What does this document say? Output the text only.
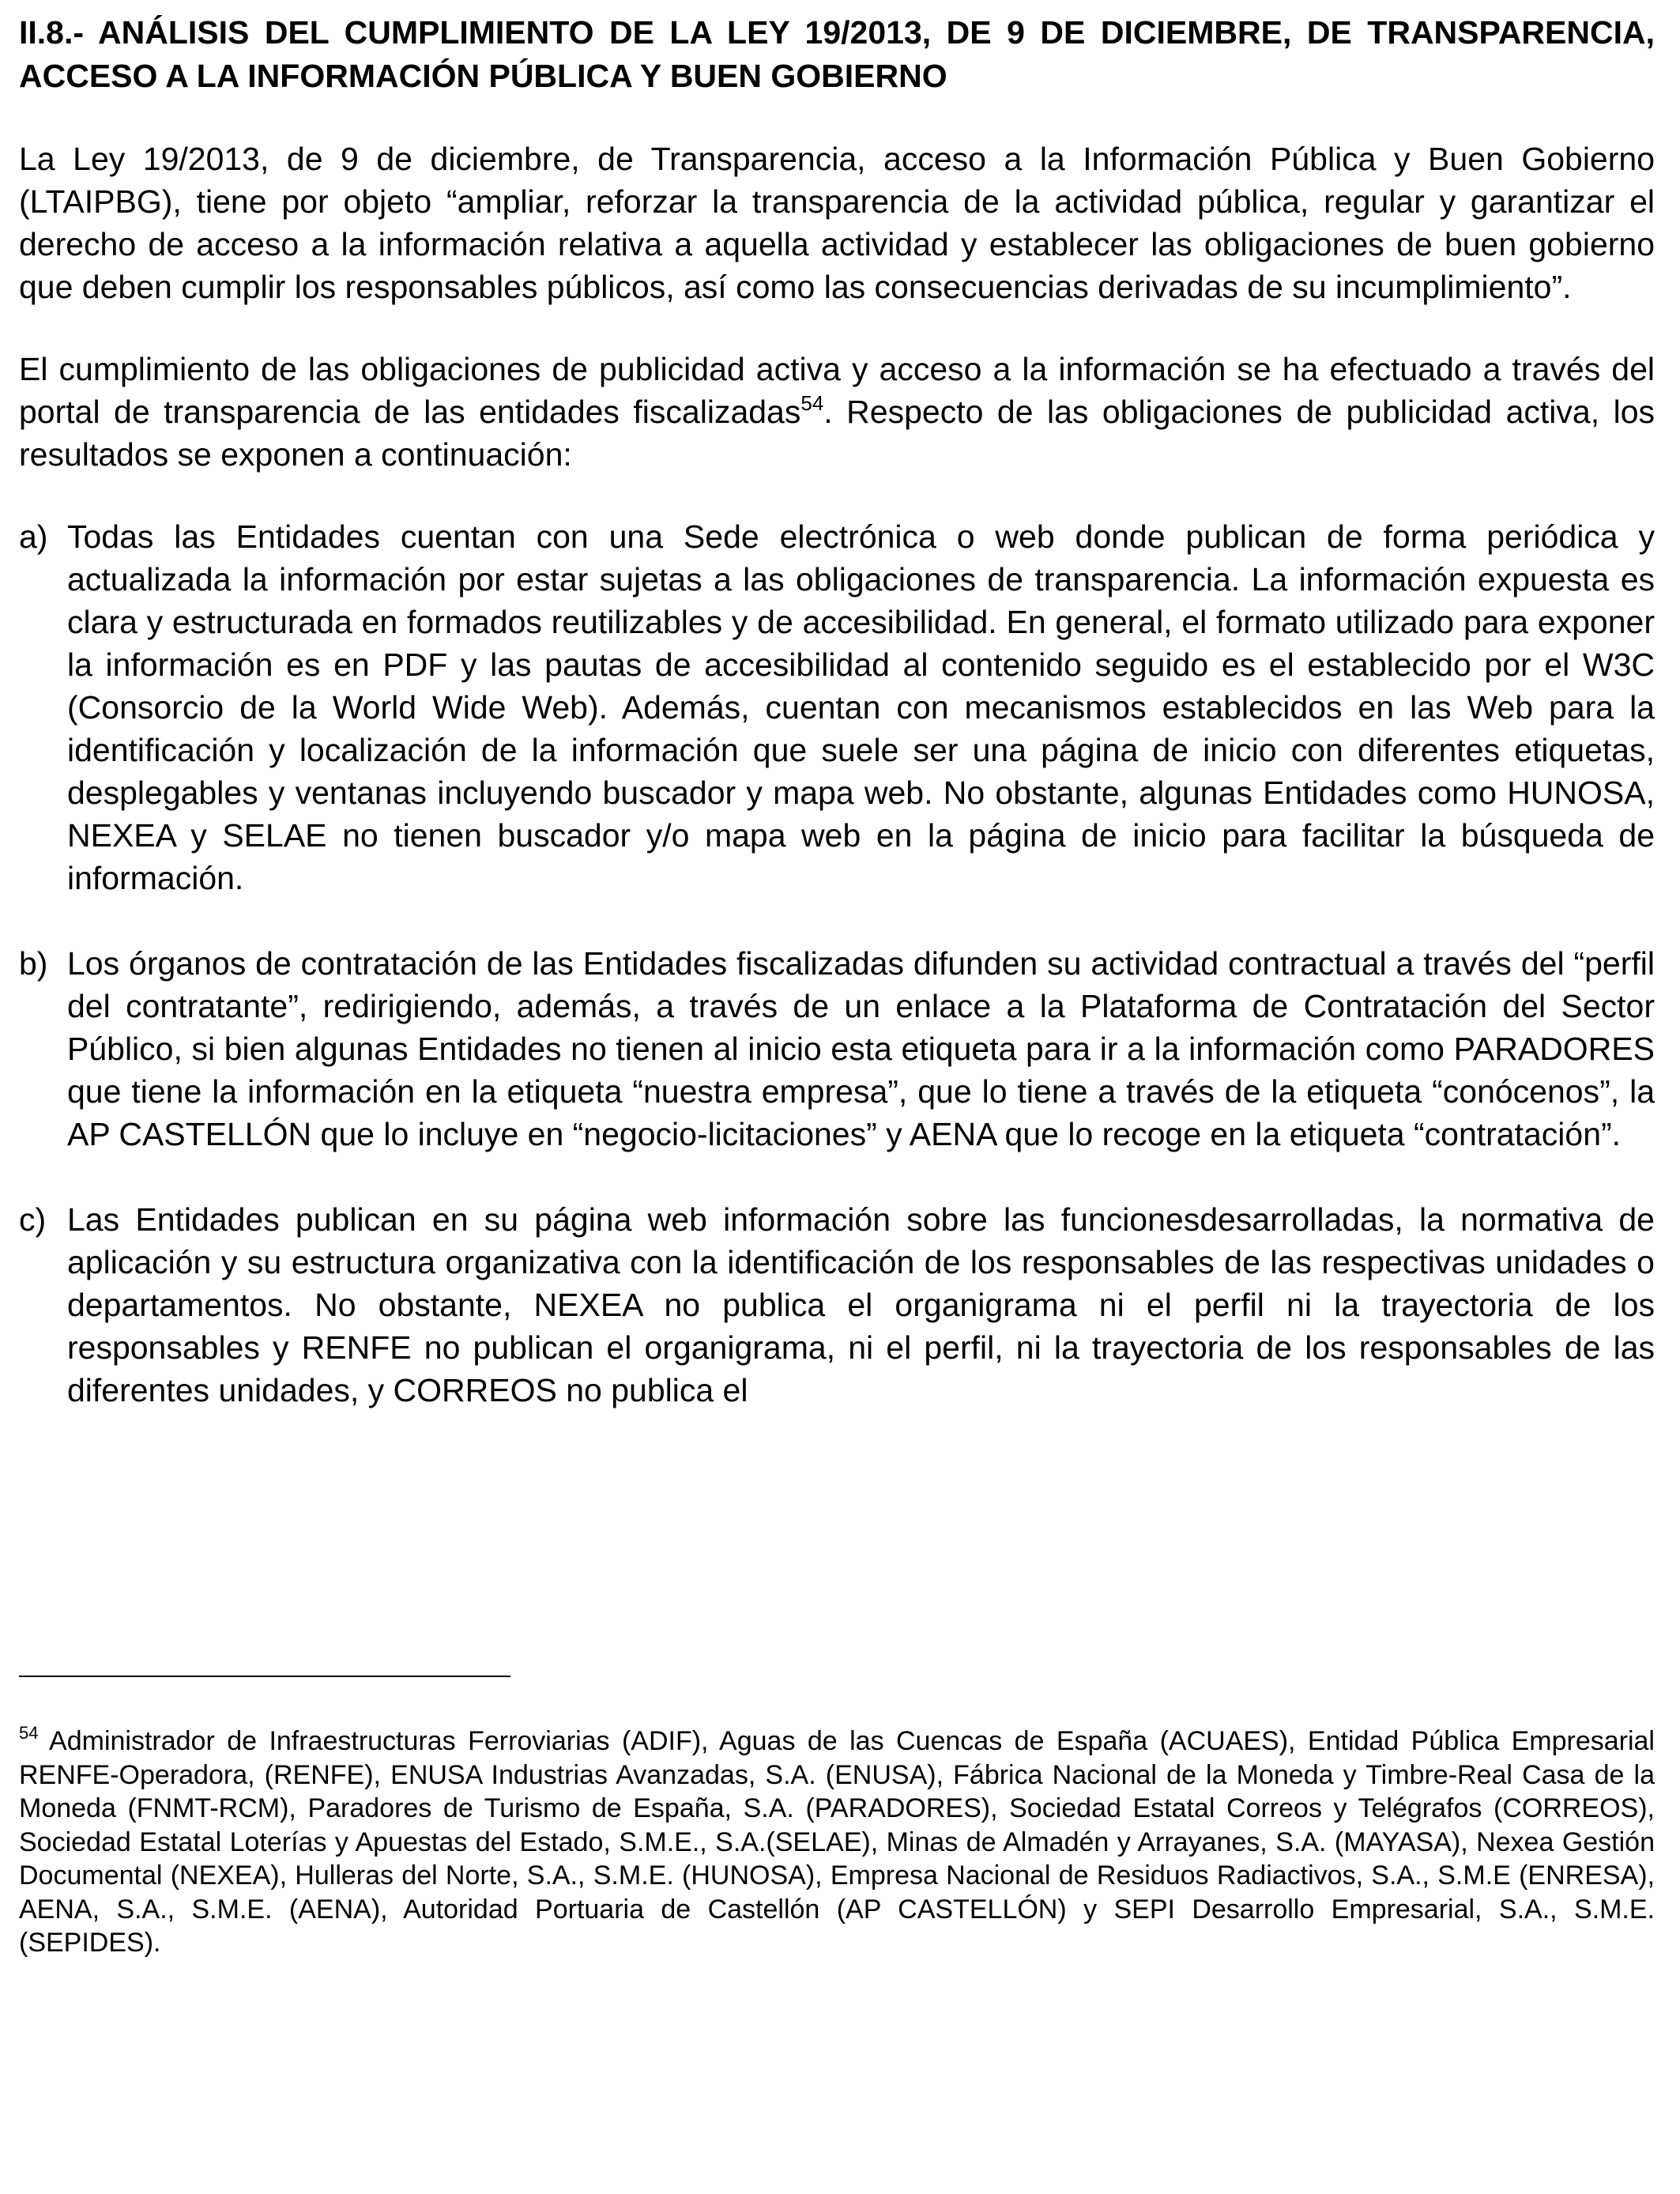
II.8.- ANÁLISIS DEL CUMPLIMIENTO DE LA LEY 19/2013, DE 9 DE DICIEMBRE, DE TRANSPARENCIA, ACCESO A LA INFORMACIÓN PÚBLICA Y BUEN GOBIERNO

La Ley 19/2013, de 9 de diciembre, de Transparencia, acceso a la Información Pública y Buen Gobierno (LTAIPBG), tiene por objeto “ampliar, reforzar la transparencia de la actividad pública, regular y garantizar el derecho de acceso a la información relativa a aquella actividad y establecer las obligaciones de buen gobierno que deben cumplir los responsables públicos, así como las consecuencias derivadas de su incumplimiento”.

El cumplimiento de las obligaciones de publicidad activa y acceso a la información se ha efectuado a través del portal de transparencia de las entidades fiscalizadas$^{54}$. Respecto de las obligaciones de publicidad activa, los resultados se exponen a continuación:

a) Todas las Entidades cuentan con una Sede electrónica o web donde publican de forma periódica y actualizada la información por estar sujetas a las obligaciones de transparencia. La información expuesta es clara y estructurada en formados reutilizables y de accesibilidad. En general, el formato utilizado para exponer la información es en PDF y las pautas de accesibilidad al contenido seguido es el establecido por el W3C (Consorcio de la World Wide Web). Además, cuentan con mecanismos establecidos en las Web para la identificación y localización de la información que suele ser una página de inicio con diferentes etiquetas, desplegables y ventanas incluyendo buscador y mapa web. No obstante, algunas Entidades como HUNOSA, NEXEA y SELAE no tienen buscador y/o mapa web en la página de inicio para facilitar la búsqueda de información.
b) Los órganos de contratación de las Entidades fiscalizadas difunden su actividad contractual a través del “perfil del contratante”, redirigiendo, además, a través de un enlace a la Plataforma de Contratación del Sector Público, si bien algunas Entidades no tienen al inicio esta etiqueta para ir a la información como PARADORES que tiene la información en la etiqueta “nuestra empresa”, que lo tiene a través de la etiqueta “conócenos”, la AP CASTELLÓN que lo incluye en “negocio-licitaciones” y AENA que lo recoge en la etiqueta “contratación”.
c) Las Entidades publican en su página web información sobre las funcionesdesarrolladas, la normativa de aplicación y su estructura organizativa con la identificación de los responsables de las respectivas unidades o departamentos. No obstante, NEXEA no publica el organigrama ni el perfil ni la trayectoria de los responsables y RENFE no publican el organigrama, ni el perfil, ni la trayectoria de los responsables de las diferentes unidades, y CORREOS no publica el

$^{54}$ Administrador de Infraestructuras Ferroviarias (ADIF), Aguas de las Cuencas de España (ACUAES), Entidad Pública Empresarial RENFE-Operadora, (RENFE), ENUSA Industrias Avanzadas, S.A. (ENUSA), Fábrica Nacional de la Moneda y Timbre-Real Casa de la Moneda (FNMT-RCM), Paradores de Turismo de España, S.A. (PARADORES), Sociedad Estatal Correos y Telégrafos (CORREOS), Sociedad Estatal Loterías y Apuestas del Estado, S.M.E., S.A.(SELAE), Minas de Almadén y Arrayanes, S.A. (MAYASA), Nexea Gestión Documental (NEXEA), Hulleras del Norte, S.A., S.M.E. (HUNOSA), Empresa Nacional de Residuos Radiactivos, S.A., S.M.E (ENRESA), AENA, S.A., S.M.E. (AENA), Autoridad Portuaria de Castellón (AP CASTELLÓN) y SEPI Desarrollo Empresarial, S.A., S.M.E. (SEPIDES).
